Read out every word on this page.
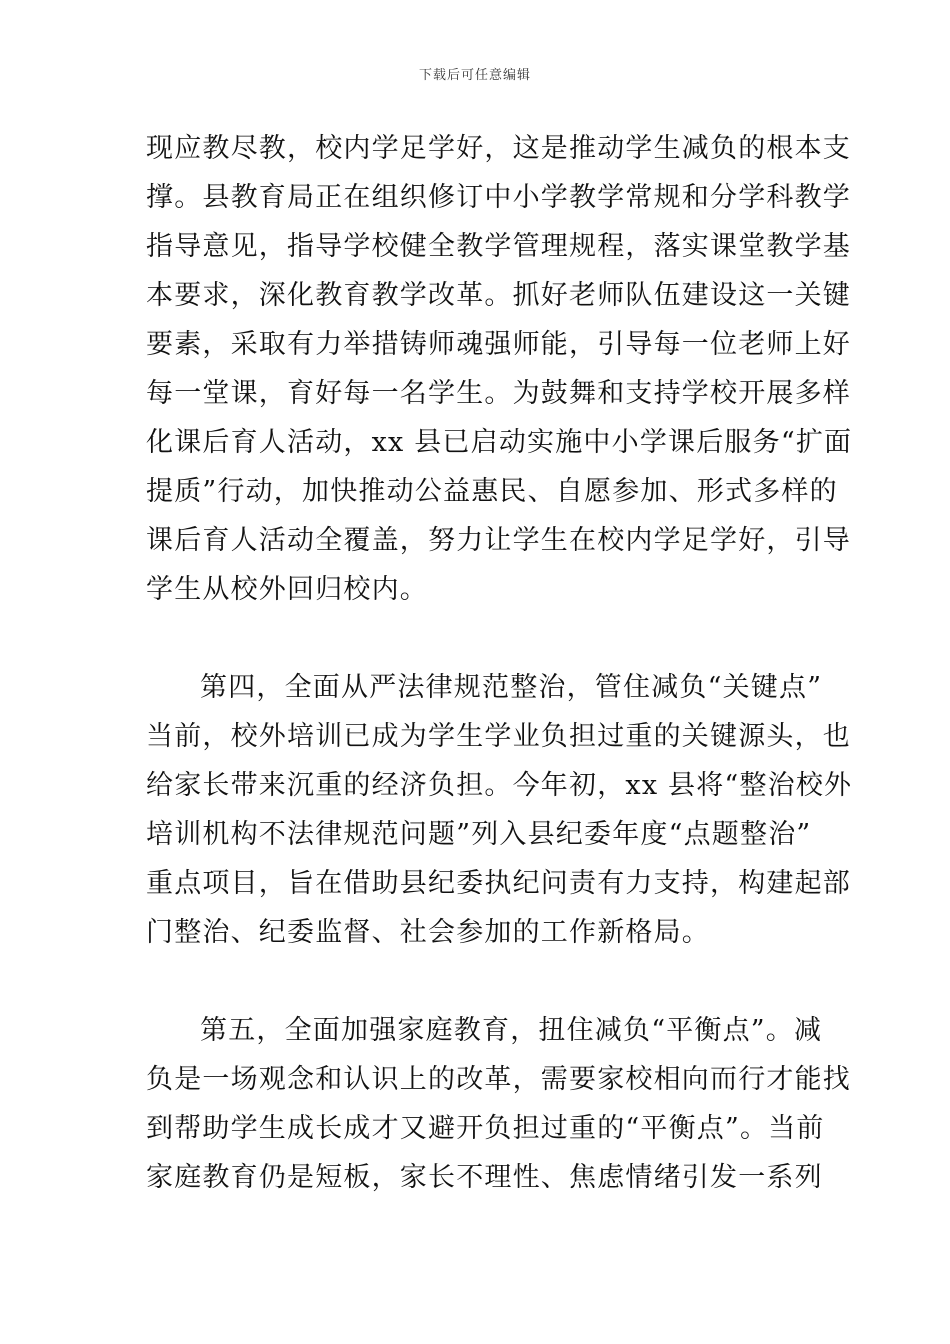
下载后可任意编辑
现应教尽教，校内学足学好，这是推动学生减负的根本支
撑。县教育局正在组织修订中小学教学常规和分学科教学
指导意见，指导学校健全教学管理规程，落实课堂教学基
本要求，深化教育教学改革。抓好老师队伍建设这一关键
要素，采取有力举措铸师魂强师能，引导每一位老师上好
每一堂课，育好每一名学生。为鼓舞和支持学校开展多样
化课后育人活动，xx 县已启动实施中小学课后服务“扩面
提质”行动，加快推动公益惠民、自愿参加、形式多样的
课后育人活动全覆盖，努力让学生在校内学足学好，引导
学生从校外回归校内。
第四，全面从严法律规范整治，管住减负“关键点”
当前，校外培训已成为学生学业负担过重的关键源头，也
给家长带来沉重的经济负担。今年初，xx 县将“整治校外
培训机构不法律规范问题”列入县纪委年度“点题整治”
重点项目，旨在借助县纪委执纪问责有力支持，构建起部
门整治、纪委监督、社会参加的工作新格局。
第五，全面加强家庭教育，扭住减负“平衡点”。减
负是一场观念和认识上的改革，需要家校相向而行才能找
到帮助学生成长成才又避开负担过重的“平衡点”。当前
家庭教育仍是短板，家长不理性、焦虑情绪引发一系列
